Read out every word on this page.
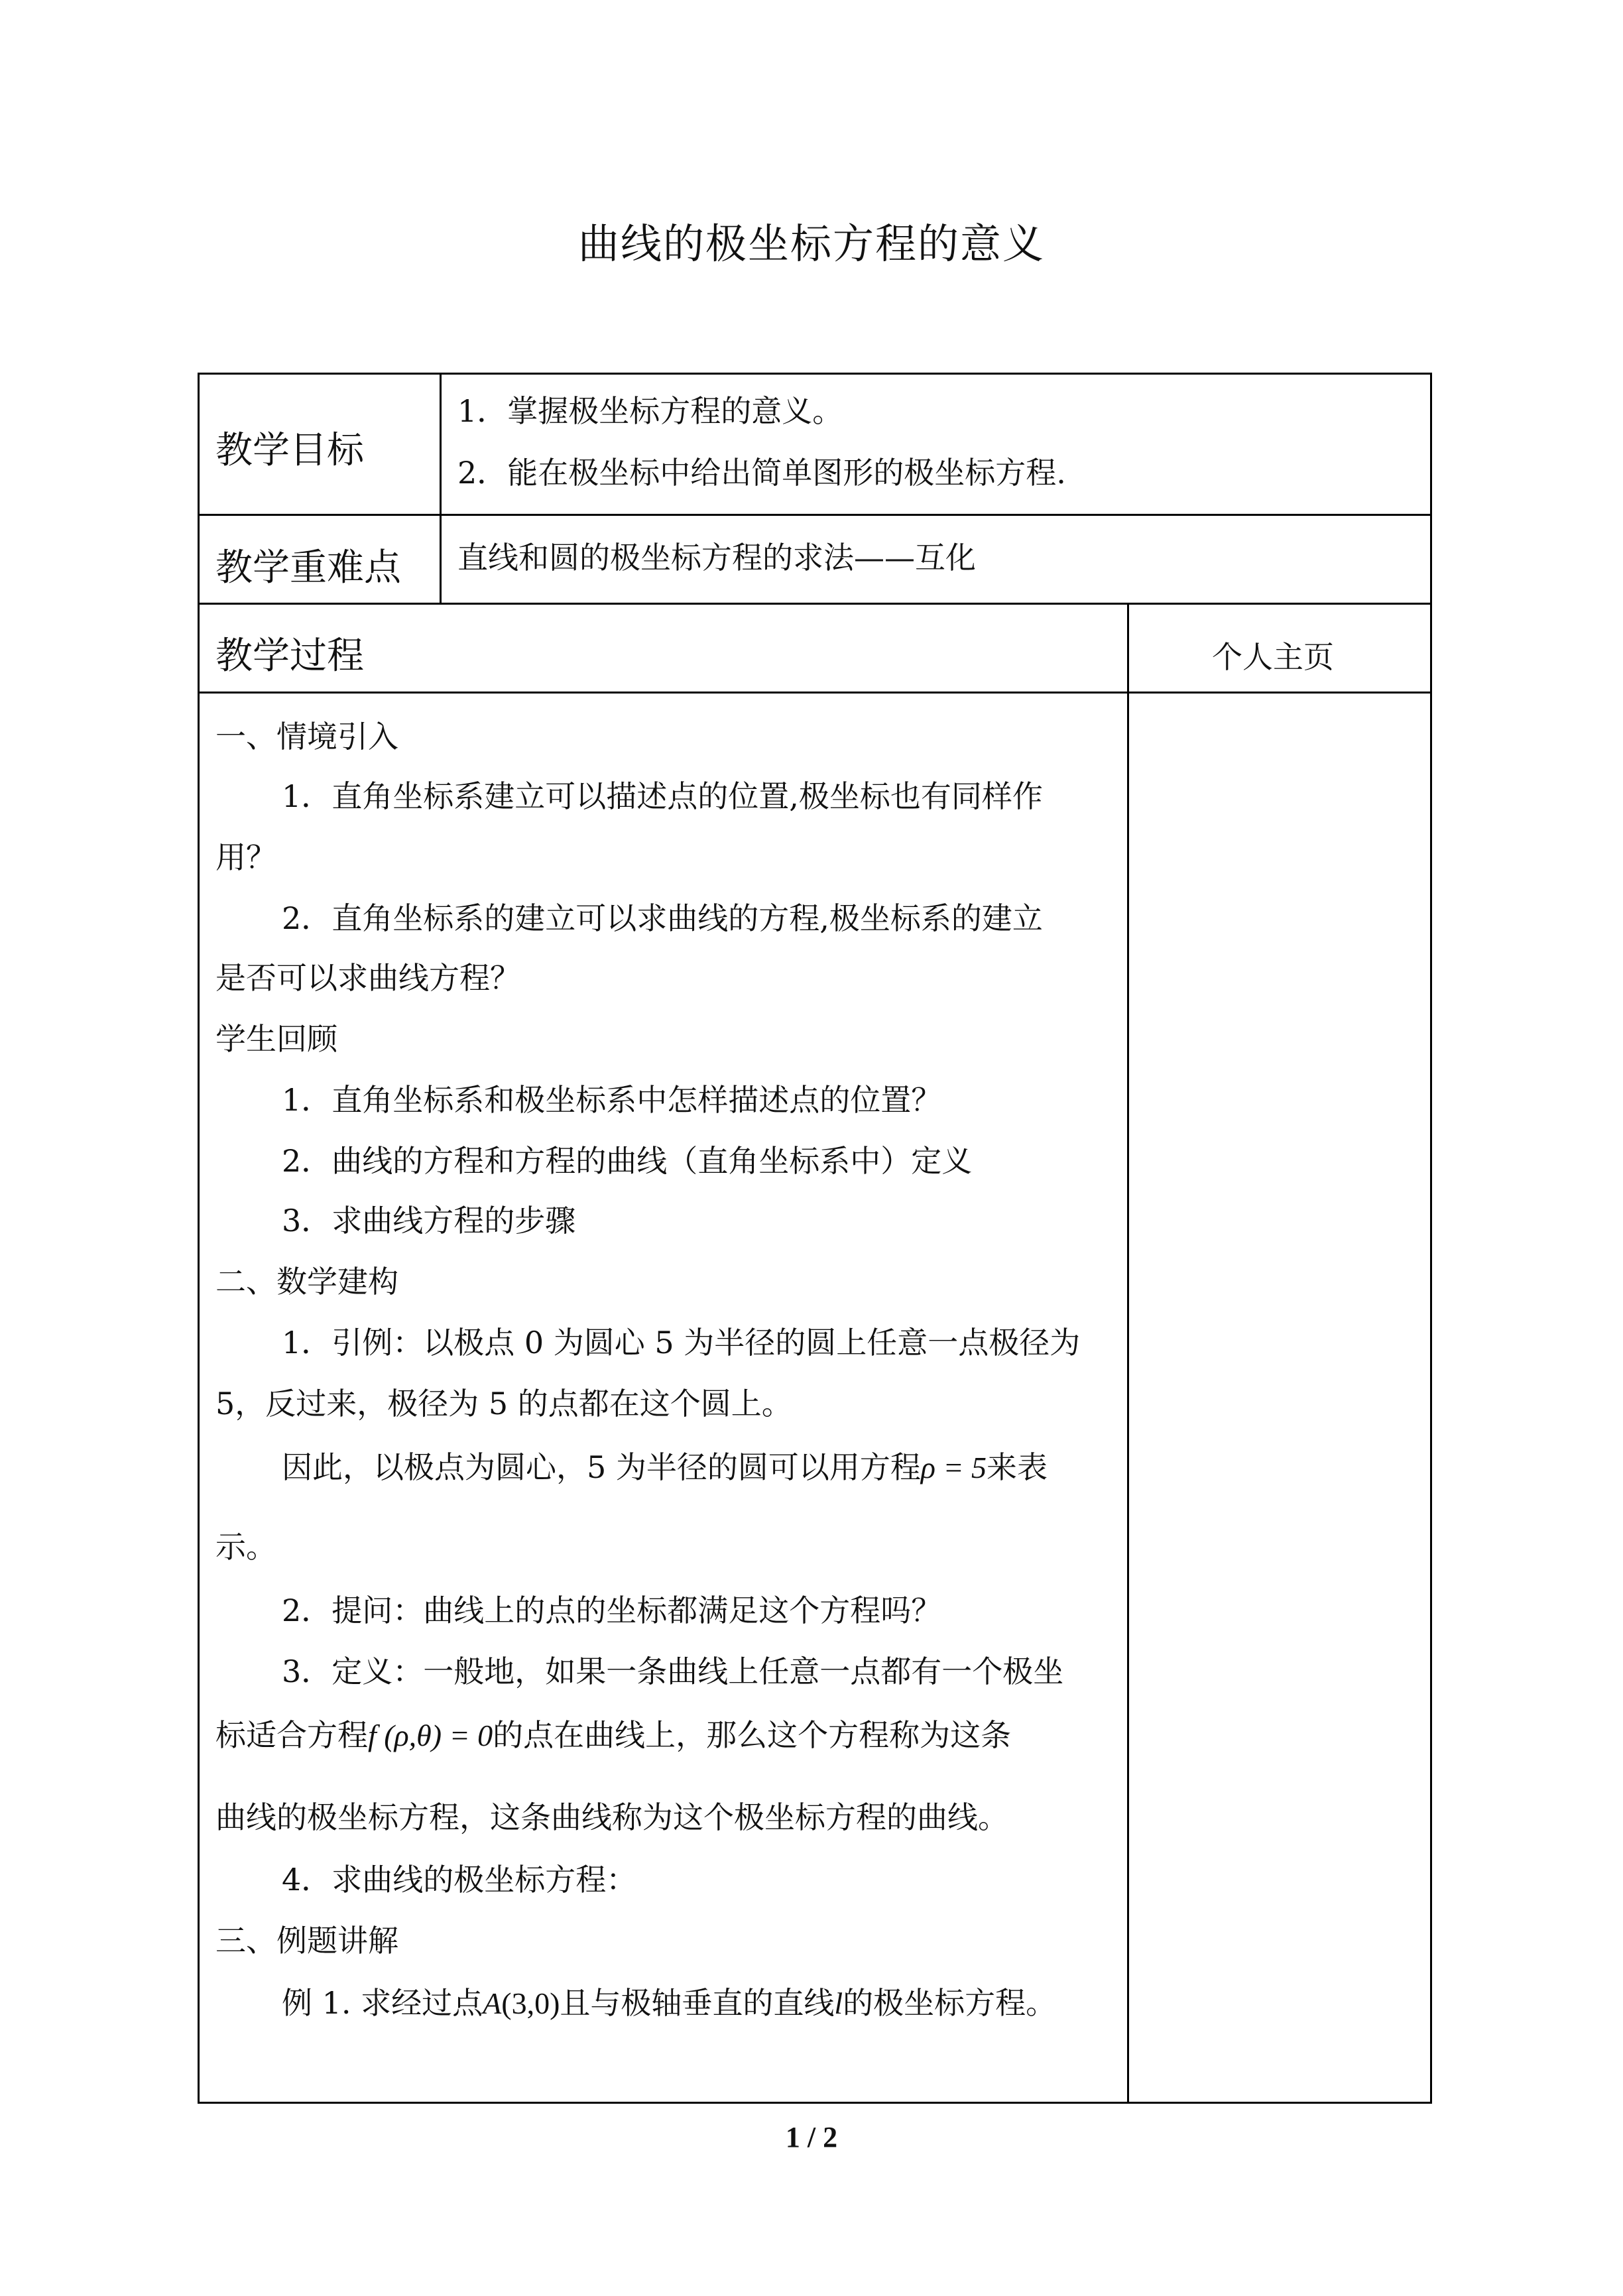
曲线的极坐标方程的意义
教学目标
1．掌握极坐标方程的意义。
2．能在极坐标中给出简单图形的极坐标方程.
教学重难点 直线和圆的极坐标方程的求法——互化
教学过程	个人主页
一、情境引入
1．直角坐标系建立可以描述点的位置,极坐标也有同样作
用？
2．直角坐标系的建立可以求曲线的方程,极坐标系的建立
是否可以求曲线方程？
学生回顾
1．直角坐标系和极坐标系中怎样描述点的位置？
2．曲线的方程和方程的曲线（直角坐标系中）定义
3．求曲线方程的步骤
二、数学建构
1．引例：以极点 0 为圆心 5 为半径的圆上任意一点极径为
5，反过来，极径为 5 的点都在这个圆上。
因此，以极点为圆心，5 为半径的圆可以用方程ρ = 5来表
示。
2．提问：曲线上的点的坐标都满足这个方程吗？
3．定义：一般地，如果一条曲线上任意一点都有一个极坐
标适合方程f (ρ,θ) = 0的点在曲线上，那么这个方程称为这条
曲线的极坐标方程，这条曲线称为这个极坐标方程的曲线。
4．求曲线的极坐标方程：
三、例题讲解
例 1. 求经过点A(3,0)且与极轴垂直的直线l的极坐标方程。
1 / 2
